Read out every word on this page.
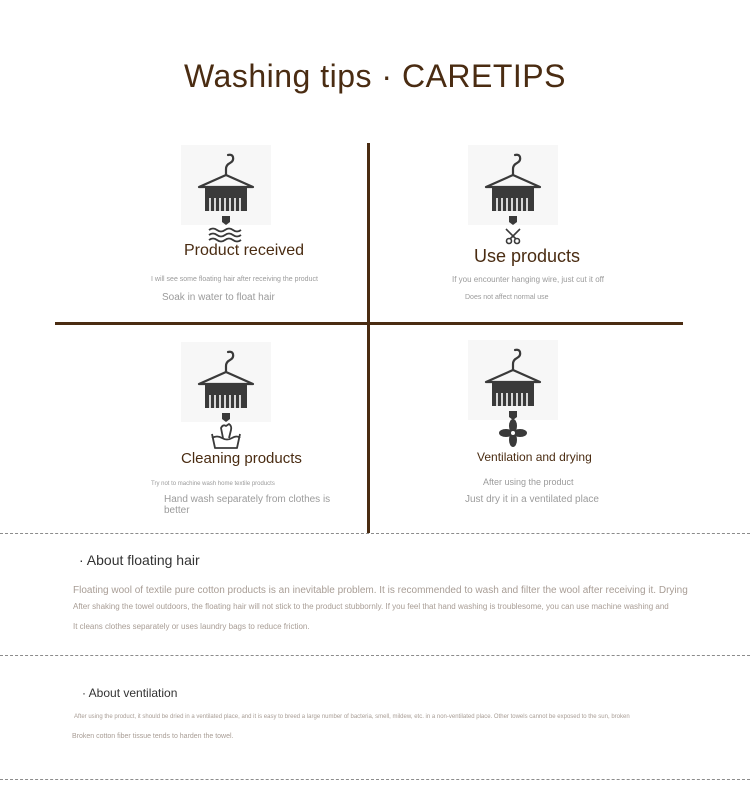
Washing tips · CARETIPS
Product received
I will see some floating hair after receiving the product
Soak in water to float hair
Use products
If you encounter hanging wire, just cut it off
Does not affect normal use
Cleaning products
Try not to machine wash home textile products
Hand wash separately from clothes is
better
Ventilation and drying
After using the product
Just dry it in a ventilated place
· About floating hair
Floating wool of textile pure cotton products is an inevitable problem. It is recommended to wash and filter the wool after receiving it. Drying
After shaking the towel outdoors, the floating hair will not stick to the product stubbornly. If you feel that hand washing is troublesome, you can use machine washing and
It cleans clothes separately or uses laundry bags to reduce friction.
· About ventilation
After using the product, it should be dried in a ventilated place, and it is easy to breed a large number of bacteria, smell, mildew, etc. in a non-ventilated place. Other towels cannot be exposed to the sun, broken
Broken cotton fiber tissue tends to harden the towel.
